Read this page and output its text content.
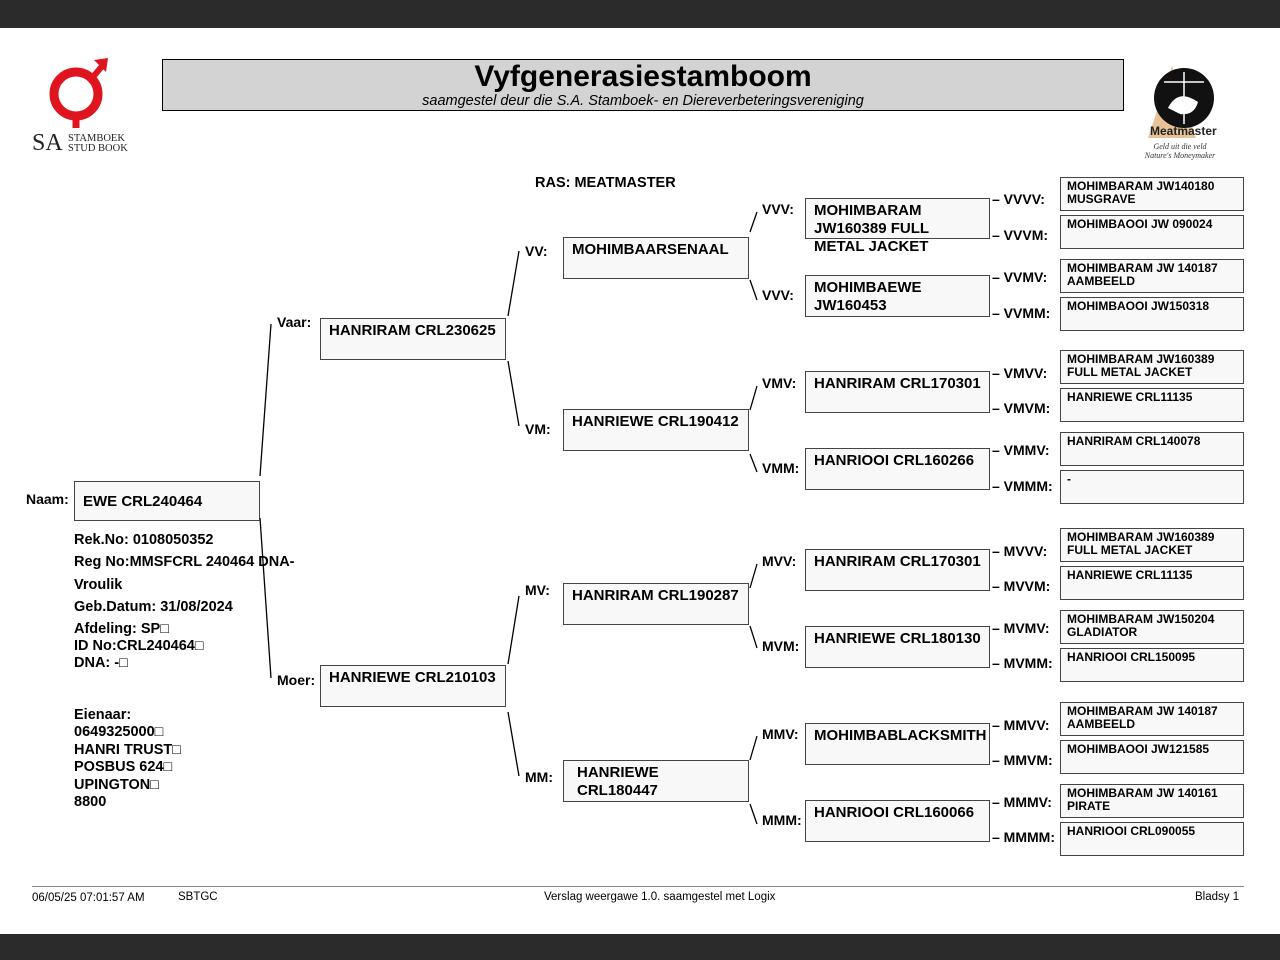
SA STAMBOEK
STUD BOOK
Vyfgenerasiestamboom
saamgestel deur die S.A. Stamboek- en Diereverbeteringsvereniging
Meatmaster
Geld uit die veld
Nature's Moneymaker
RAS: MEATMASTER
Naam: EWE CRL240464
Rek.No: 0108050352
Reg No:MMSFCRL 240464 DNA-
Vroulik
Geb.Datum: 31/08/2024
Afdeling: SP□
ID No:CRL240464□
DNA: -□
Eienaar:
0649325000□
HANRI TRUST□
POSBUS 624□
UPINGTON□
8800
Vaar:	HANRIRAM CRL230625
Moer: HANRIEWE CRL210103
VV:	MOHIMBAARSENAAL
VM:	HANRIEWE CRL190412
MV:	HANRIRAM CRL190287
MM:	HANRIEWE CRL180447
VVV:	MOHIMBARAM JW160389 FULL METAL JACKET
VVV:	MOHIMBAEWE JW160453
VMV:	HANRIRAM CRL170301
VMM: HANRIOOI CRL160266
MVV:	HANRIRAM CRL170301
MVM: HANRIEWE CRL180130
MMV:	MOHIMBABLACKSMITH
MMM: HANRIOOI CRL160066
– VVVV:
MOHIMBARAM JW140180 MUSGRAVE
– VVVM:
MOHIMBAOOI JW 090024
– VVMV:
MOHIMBARAM JW 140187 AAMBEELD
– VVMM:	MOHIMBAOOI JW150318
– VMVV:
MOHIMBARAM JW160389 FULL METAL JACKET
– VMVM:
HANRIEWE CRL11135
– VMMV:
HANRIRAM CRL140078
– VMMM:	-
– MVVV:
MOHIMBARAM JW160389 FULL METAL JACKET
– MVVM:
HANRIEWE CRL11135
– MVMV:
MOHIMBARAM JW150204 GLADIATOR
– MVMM:	HANRIOOI CRL150095
– MMVV:
MOHIMBARAM JW 140187 AAMBEELD
– MMVM:
MOHIMBAOOI JW121585
– MMMV:
MOHIMBARAM JW 140161 PIRATE
– MMMM:	HANRIOOI CRL090055
06/05/25 07:01:57 AM	SBTGC	Verslag weergawe 1.0. saamgestel met Logix	Bladsy 1
